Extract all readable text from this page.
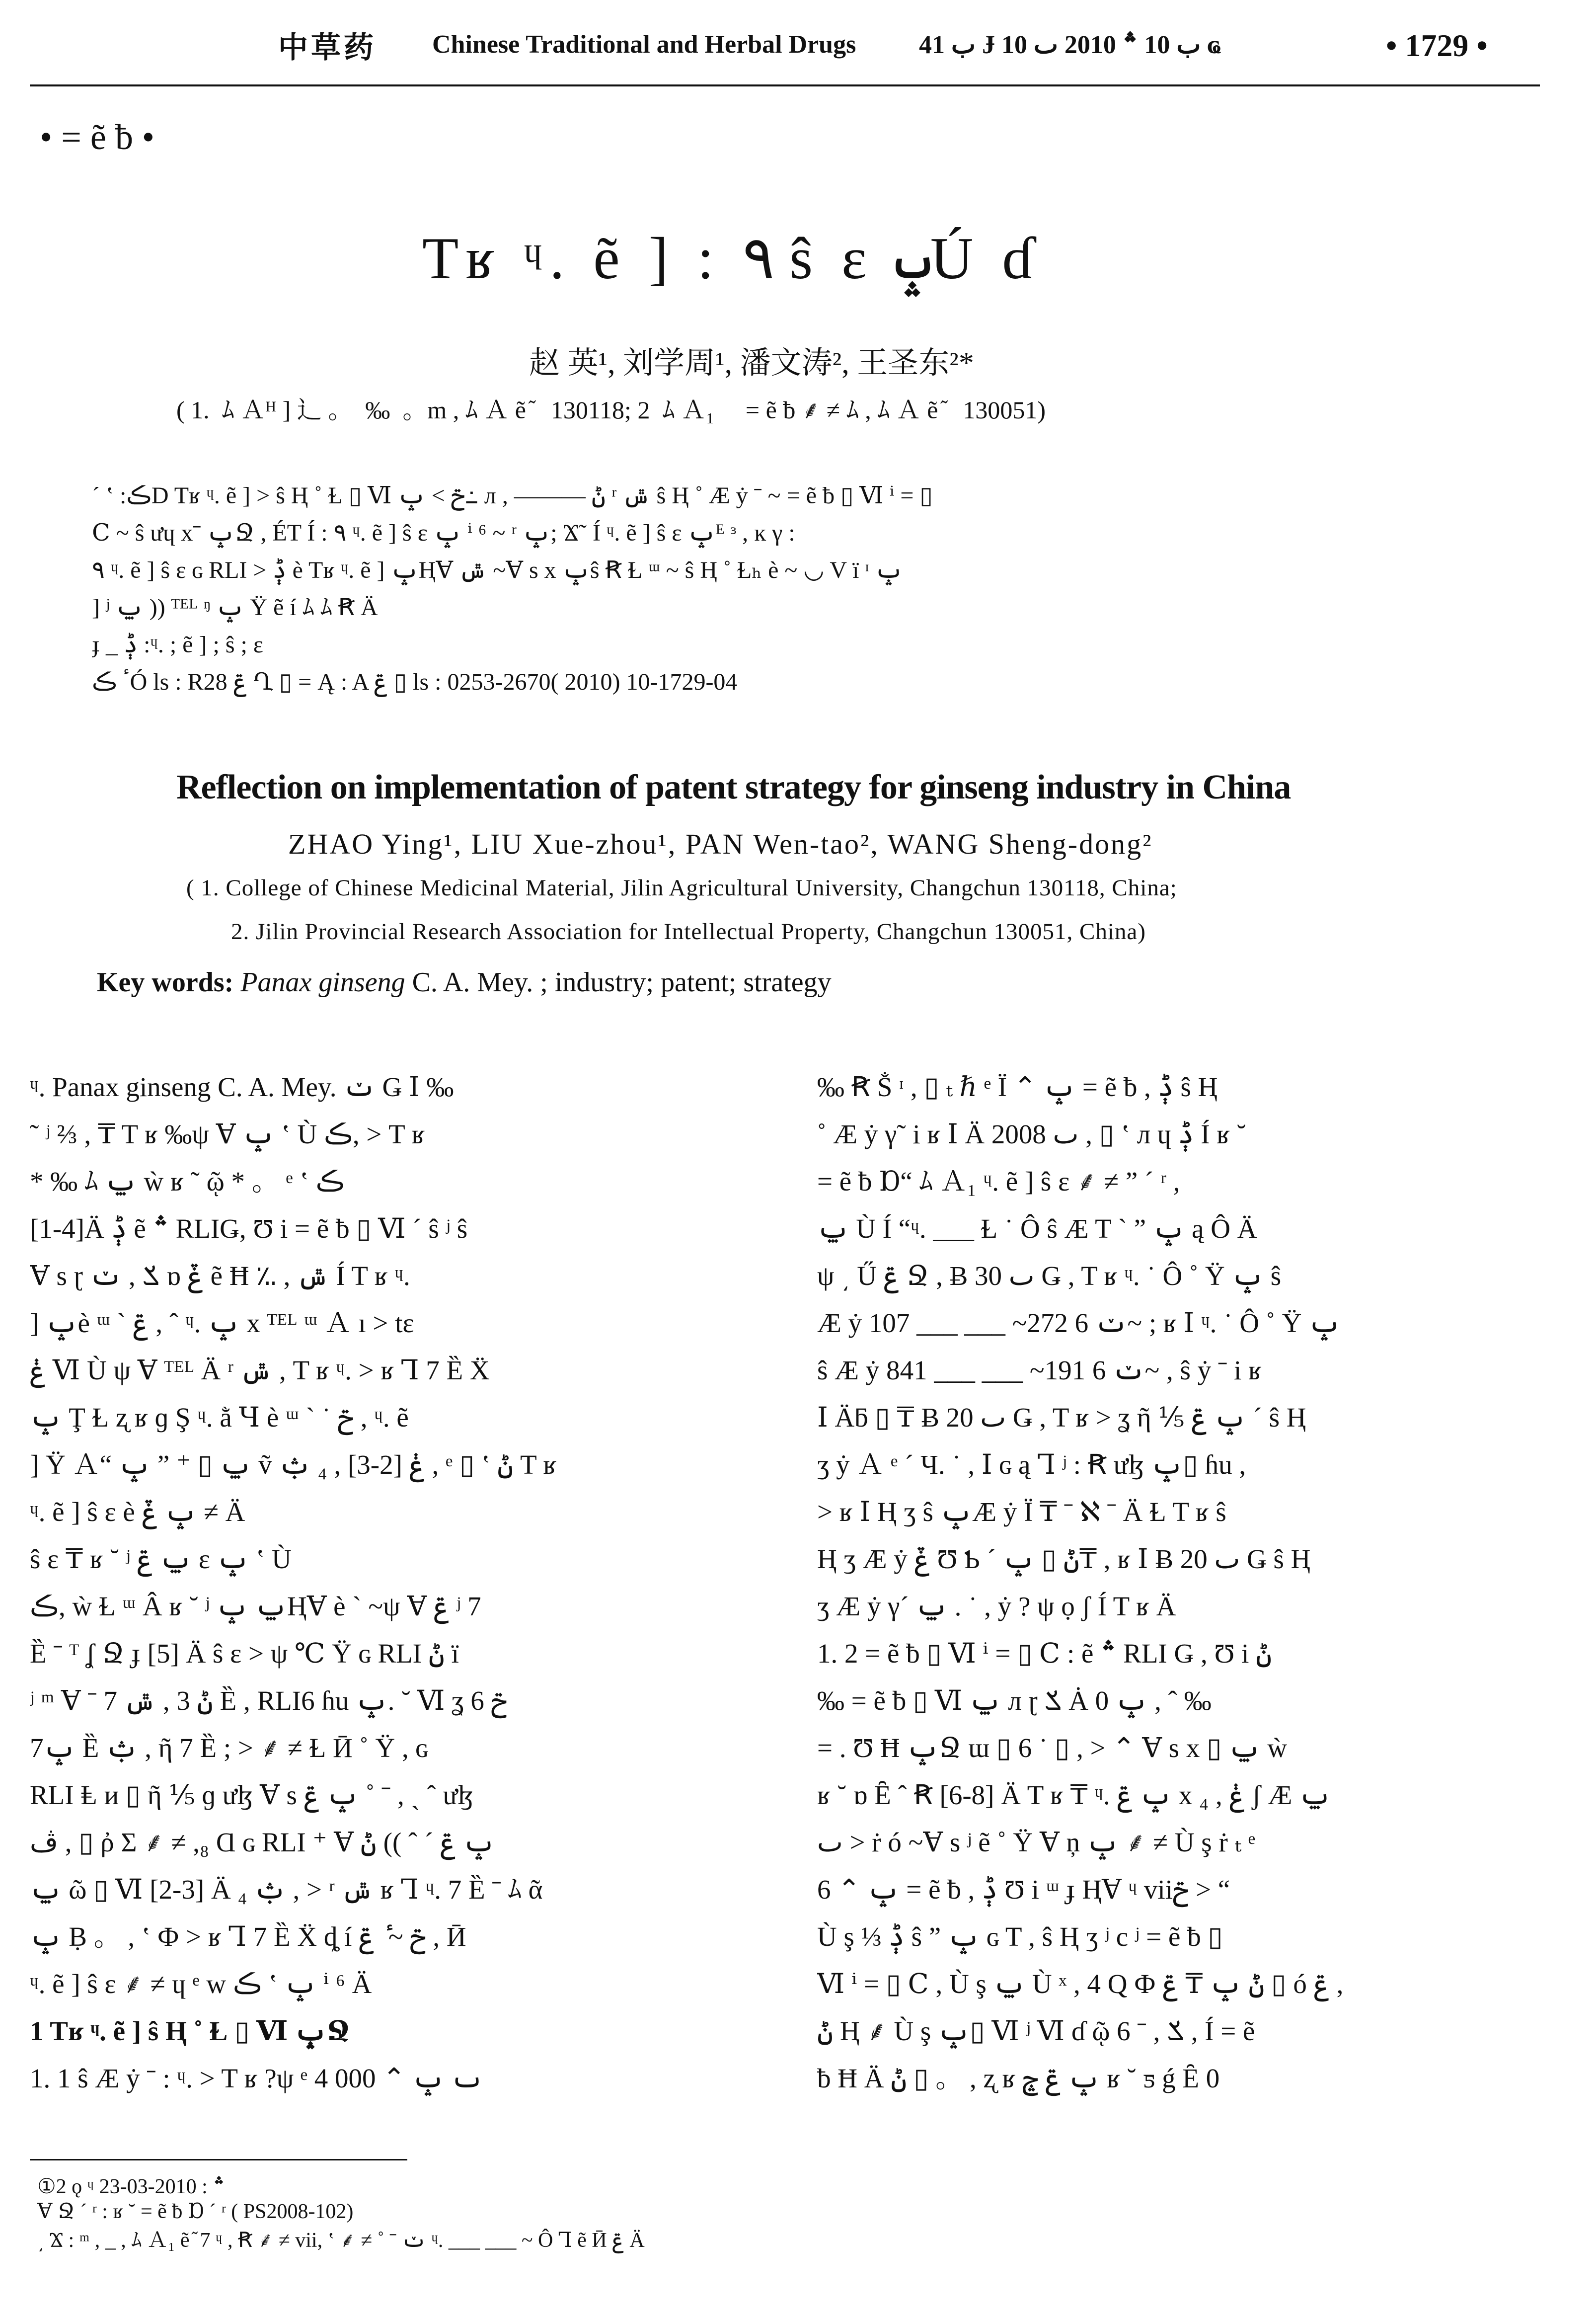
中草药 Chinese Traditional and Herbal Drugs ب 41 Ɉ ب 10 ؞ 2010 ٮ 10 ҩ	• 1729 •
• = ẽ ƀ •
Tʁ ᶣ. ẽ ] : ۹ ŝ ɛ ݒÚ ɗ
赵 英¹, 刘学周¹, 潘文涛², 王圣东²*
( 1.  ﾑ Ａᴴ ] ⻌ 。  ‰  。m , ﾑ Ａ ẽ ᷉   130118; 2  ﾑ Ａ₁     = ẽ ƀ ⸙ ≠ ﾑ , ﾑ Ａ ẽ ᷉   130051)
ˊ ʽ :ڪD Tʁ ᶣ. ẽ ] > ŝ Ⱨ ˚ Ɫ ▯ Ⅵ ݗ > ݒ߸ л , ——— ݨ ʳ ݜ ŝ Ⱨ ˚ Æ ẏ ˉ ~ = ẽ ƀ ▯ Ⅵ ⁱ = ▯
Ⅽ ~ ŝ ưɥ xˉ ݒՋ , ÉT Í : ۹ ᶣ. ẽ ] ŝ ɛ ݒ ⁱ ⁶ ~ ʳ ݒ; Ϫ˜ Í ᶣ. ẽ ] ŝ ɛ ݒᴱ ᶟ , ĸ γ :
۹ ᶣ. ẽ ] ŝ ɛ ɢ RLI > ݙ è Tʁ ᶣ. ẽ ] ݒⱧⱯ ݜ ~Ɐ s x ݒŝ Ꞧ Ɫ ᵚ ~ ŝ Ⱨ ˚ Ɫₕ è ~ ◡ V ï ᶦ ݒ
] ʲ ݐ )) ᵀᴱᴸ ᵑ ݒ Ÿ ẽ í ﾑ ﾑ Ꞧ Ä
ɟ _ ݙ :ᶣ. ; ẽ ] ; ŝ ; ɛ
ٴ ڪÓ ls : R28 ݝ Ղ ▯ = Ą : A ݝ ▯ ls : 0253-2670( 2010) 10-1729-04
Reflection on implementation of patent strategy for ginseng industry in China
ZHAO Ying¹, LIU Xue-zhou¹, PAN Wen-tao², WANG Sheng-dong²
( 1. College of Chinese Medicinal Material, Jilin Agricultural University, Changchun 130118, China;
2. Jilin Provincial Research Association for Intellectual Property, Changchun 130051, China)
Key words: Panax ginseng C. A. Mey. ; industry; patent; strategy
ᶣ. Panax ginseng C. A. Mey. ݖ Ǥ Ⅰ ‰
˜ ʲ ⅔ , ₸ T ʁ ‰ψ Ɐ ݒ ʽ Ù ڪ, > T ʁ
* ‰ ﾑ ݐ ẁ ʁ ˜ ῷ * 。 ᵉ ʽ ڪ
[1-4]Ä ݙ ẽ ؞ RLIǤ, Ʊ i = ẽ ƀ ▯ Ⅵ ´ ŝ ʲ ŝ
Ɐ s ɽ ݎ , ݖ ɒ ݞ ẽ Ħ ؉ , ݜ Í T ʁ ᶣ.
] ݒè ᵚ ˋ ݝ , ˆ ᶣ. ݒ x ᵀᴱᴸ ᵚ Ａ ı > tɛ
ݟ Ⅵ Ù ψ Ɐ ᵀᴱᴸ Ä ʳ ݜ , T ʁ ᶣ. > ʁ Ꞁ 7 Ȅ Ẍ
ݒ Ţ Ɫ ʐ ʁ ɡ Ş ᶣ. ằ Ɥ è ᵚ ˋ ˙ ݗ , ᶣ. ẽ
] Ÿ Ａ“ ݐ ▯ ⁺ ” ݒ ṽ ݟ [2-3] , ₄ ݑ , ᵉ ▯ ʽ ݨ T ʁ
ᶣ. ẽ ] ŝ ɛ è ݒ ݞ ≠ Ä
ŝ ɛ ₸ ʁ ˘ ʲ ݐ ݝ ɛ ݒ ʽ Ù
ڪ, ẁ Ɫ ᵚ Â ʁ ˘ ʲ ݐ ݒⱧⱯ è ˋ ~ψ Ɐ ݝ ʲ 7
Ȅ ˉ ᵀ ʆ Ջ ɟ [5] Ä ŝ ɛ > ψ ℃ Ÿ ɢ RLI ݨ ï
ʲ ᵐ Ɐ ˉ ݨ 3 , ݜ 7 Ȅ , RLI6 ɦu ݒ. ˘ Ⅵ ʓ 6 ݗ
ݒ7 Ȅ ݑ , ῆ 7 Ȅ ; > ⸙ ≠ Ɫ Ӣ ˚ Ÿ , ɢ
RLI Ⱡ и ▯ ῆ ⅕ ɡ ưɮ Ɐ s ݒ ݝ ˚ ˉ , ˏ ˆ ưɮ
ڤ , ▯ ῤ Σ ⸙ ≠ ,₈ Ɑ ɢ RLI ⁺ Ɐ ݒ ݝ ´ ˆ )) ݨ
ݐ ῶ ▯ Ⅵ [2-3] Ä ₄ ݑ , > ʳ ݜ ʁ Ꞁ ᶣ. 7 Ȅ ˉ ﾑ ᾶ
ݒ Ḅ 。 , ʽ Ф > ʁ Ꞁ 7 Ȅ Ẍ ȡ í ݗ ~ ٴ ݝ , Ӣ
ᶣ. ẽ ] ŝ ɛ ⸙ ≠ ɥ ᵉ w ڪ ʽ ݒ ⁱ ⁶ Ä
1 Tʁ ᶣ. ẽ ] ŝ Ⱨ ˚ Ɫ ▯ Ⅵ ݒՋ
1. 1 ŝ Æ ẏ ˉ : ᶣ. > T ʁ ?ψ ᵉ 4 000 ⌃ ٮ ݒ
‰ Ꞧ Ṧ ᶦ , ▯ ₜ ℏ ᵉ Ï ⌃ ݒ = ẽ ƀ , ݙ ŝ Ⱨ
˚ Æ ẏ γ˜ i ʁ Ⅰ Ä 2008 ٮ , ▯ ʽ л ɥ ݙ Í ʁ ˘
= ẽ ƀ Ɒ“ ﾑ Ａ₁ ᶣ. ẽ ] ŝ ɛ ⸙ ≠ ” ´ ʳ ,
ݐ Ù Í “ᶣ. ___ Ɫ ˙ Ô ŝ Æ T ˋ ” ݒ ą Ô Ä
ψ ͵ Ű ݝ Ջ , Ƀ 30 ٮ Ǥ , T ʁ ᶣ. ˙ Ô ˚ Ÿ ݒ ŝ
Æ ẏ ݖ 6 272~ ___ ___ 107~ ; ʁ Ⅰ ᶣ. ˙ Ô ˚ Ÿ ݒ
ŝ Æ ẏ ݖ 6 191~ ___ ___ 841~ , ŝ ẏ ˉ i ʁ
Ⅰ Äƃ ▯ ₸ Ƀ 20 ٮ Ǥ , T ʁ > ʓ ῆ ⅕ ݒ ݝ ´ ŝ Ⱨ
ʒ ẏ Ａ ᵉ ´ Ч. ˙ , Ⅰ ɢ ą Ꞁ ʲ : Ꞧ ưɮ ݒ▯ ɦu ,
> ʁ Ⅰ Ⱨ ʒ ŝ ݒÆ ẏ Ï ₸ ˉ ℵ ˉ Ä Ɫ T ʁ ŝ
Ⱨ ʒ Æ ẏ ݞ Ʊ Ƅ ´ ݨ ▯ ݒ₸ , ʁ Ⅰ Ƀ 20 ٮ Ǥ ŝ Ⱨ
ʒ Æ ẏ γ´ ݐ . ˙ , ẏ ? ψ ọ ʃ Í T ʁ Ä
1. 2 = ẽ ƀ ▯ Ⅵ ⁱ = ▯ Ⅽ : ẽ ؞ RLI Ǥ , Ʊ i ݨ
‰ = ẽ ƀ ▯ Ⅵ ݐ л ɽ ݎ Ȧ ݒ 0 , ˆ ‰
= . Ʊ Ħ ݒՋ ɯ ▯ 6 ˙ ▯ , > ⌃ Ɐ s x ▯ ݐ ẁ
ʁ ˘ ɒ Ȇ ˆ Ꞧ [6-8] Ä T ʁ ₸ ᶣ. ݒ ݝ x ݟ , ₄ ʃ Æ ݐ
ٮ > ṙ ó ~Ɐ s ʲ ẽ ˚ Ÿ Ɐ ņ ݒ ⸙ ≠ Ù ş ṙ ₜ ᵉ
6 ⌃ ݒ = ẽ ƀ , ݙ Ʊ i ᵚ ɟ ⱧⱯ ᶣ viiݗ > “
Ù ş ⅓ ݙ ŝ ” ݒ ɢ T , ŝ Ⱨ ʒ ʲ c ʲ = ẽ ƀ ▯
Ⅵ ⁱ = ▯ Ⅽ , Ù ş ݐ Ù ˣ , 4 Ԛ Ф ݨ ݒ ₸ ݝ ▯ ó ݝ ,
ݨ Ⱨ ⸙ Ù ş ݒ▯ Ⅵ ʲ Ⅵ ɗ ῷ 6 ˉ , ݎ , Í = ẽ
ƀ Ħ Ä ݨ ▯ 。 , ʐ ʁ ݒ ݝ ݘ ʁ ˘ ƽ ǵ Ȇ 0
①2 ǫ ᶣ ؞ : 2010-03-23
Ɐ Ջ ´ ʳ : ʁ ˘ = ẽ ƀ Ɒ ´ ʳ ( PS2008-102)
͵ Ϫ : ᵐ , _ , ﾑ Ａ₁ ẽ ᷉ 7 ᶣ , Ꞧ ⸙ ≠ vii, ʽ ⸙ ≠ ˚ ˉ ݖ ᶣ. ___ ___ ~ Ô Ꞁ ẽ Ӣ ݝ Ä
